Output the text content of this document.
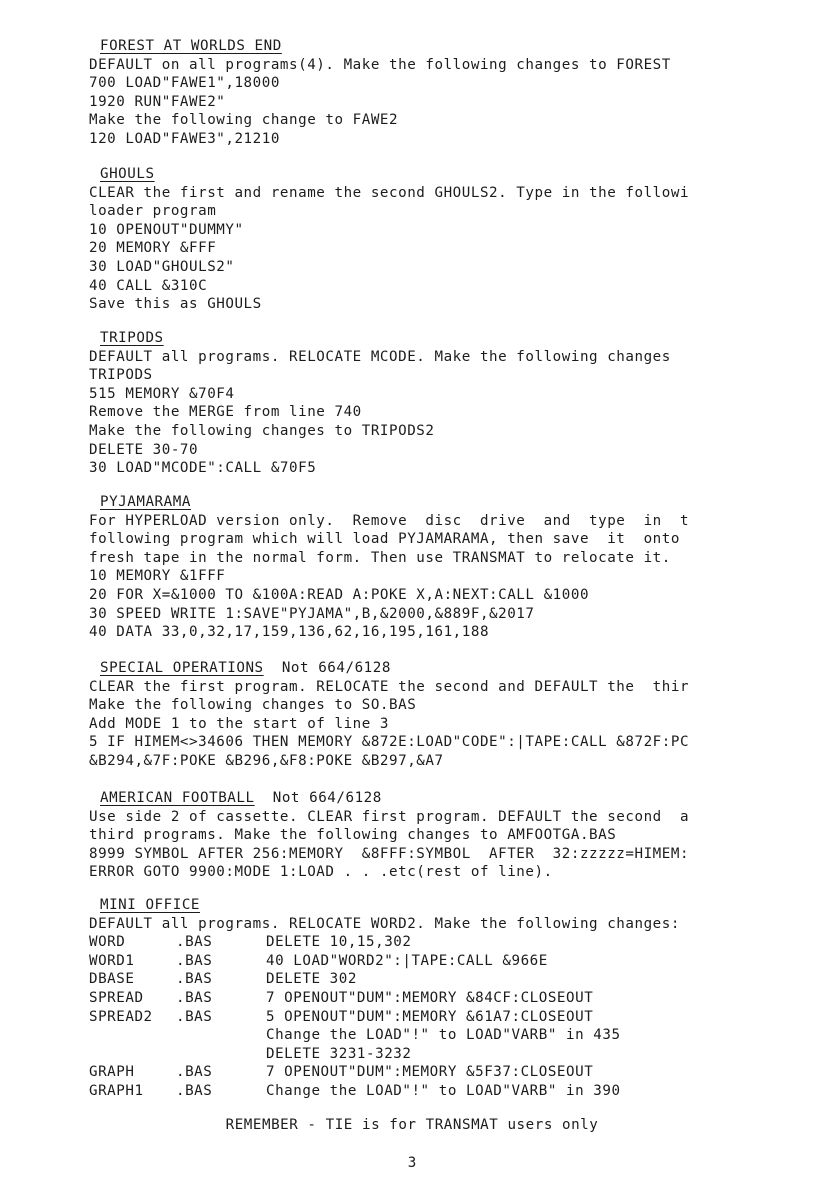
FOREST AT WORLDS END
DEFAULT on all programs(4). Make the following changes to FOREST
700 LOAD"FAWE1",18000
1920 RUN"FAWE2"
Make the following change to FAWE2
120 LOAD"FAWE3",21210
GHOULS
CLEAR the first and rename the second GHOULS2. Type in the followi
loader program
10 OPENOUT"DUMMY"
20 MEMORY &FFF
30 LOAD"GHOULS2"
40 CALL &310C
Save this as GHOULS
TRIPODS
DEFAULT all programs. RELOCATE MCODE. Make the following changes
TRIPODS
515 MEMORY &70F4
Remove the MERGE from line 740
Make the following changes to TRIPODS2
DELETE 30-70
30 LOAD"MCODE":CALL &70F5
PYJAMARAMA
For HYPERLOAD version only.  Remove  disc  drive  and  type  in  t
following program which will load PYJAMARAMA, then save  it  onto
fresh tape in the normal form. Then use TRANSMAT to relocate it.
10 MEMORY &1FFF
20 FOR X=&1000 TO &100A:READ A:POKE X,A:NEXT:CALL &1000
30 SPEED WRITE 1:SAVE"PYJAMA",B,&2000,&889F,&2017
40 DATA 33,0,32,17,159,136,62,16,195,161,188
SPECIAL OPERATIONS Not 664/6128
CLEAR the first program. RELOCATE the second and DEFAULT the  thir
Make the following changes to SO.BAS
Add MODE 1 to the start of line 3
5 IF HIMEM<>34606 THEN MEMORY &872E:LOAD"CODE":|TAPE:CALL &872F:PC
&B294,&7F:POKE &B296,&F8:POKE &B297,&A7
AMERICAN FOOTBALL Not 664/6128
Use side 2 of cassette. CLEAR first program. DEFAULT the second  a
third programs. Make the following changes to AMFOOTGA.BAS
8999 SYMBOL AFTER 256:MEMORY  &8FFF:SYMBOL  AFTER  32:zzzzz=HIMEM:
ERROR GOTO 9900:MODE 1:LOAD . . .etc(rest of line).
MINI OFFICE
DEFAULT all programs. RELOCATE WORD2. Make the following changes:
WORD	.BAS	DELETE 10,15,302
WORD1	.BAS	40 LOAD"WORD2":|TAPE:CALL &966E
DBASE	.BAS	DELETE 302
SPREAD	.BAS	7 OPENOUT"DUM":MEMORY &84CF:CLOSEOUT
SPREAD2	.BAS	5 OPENOUT"DUM":MEMORY &61A7:CLOSEOUT
Change the LOAD"!" to LOAD"VARB" in 435
DELETE 3231-3232
GRAPH	.BAS	7 OPENOUT"DUM":MEMORY &5F37:CLOSEOUT
GRAPH1	.BAS	Change the LOAD"!" to LOAD"VARB" in 390
REMEMBER - TIE is for TRANSMAT users only
3
